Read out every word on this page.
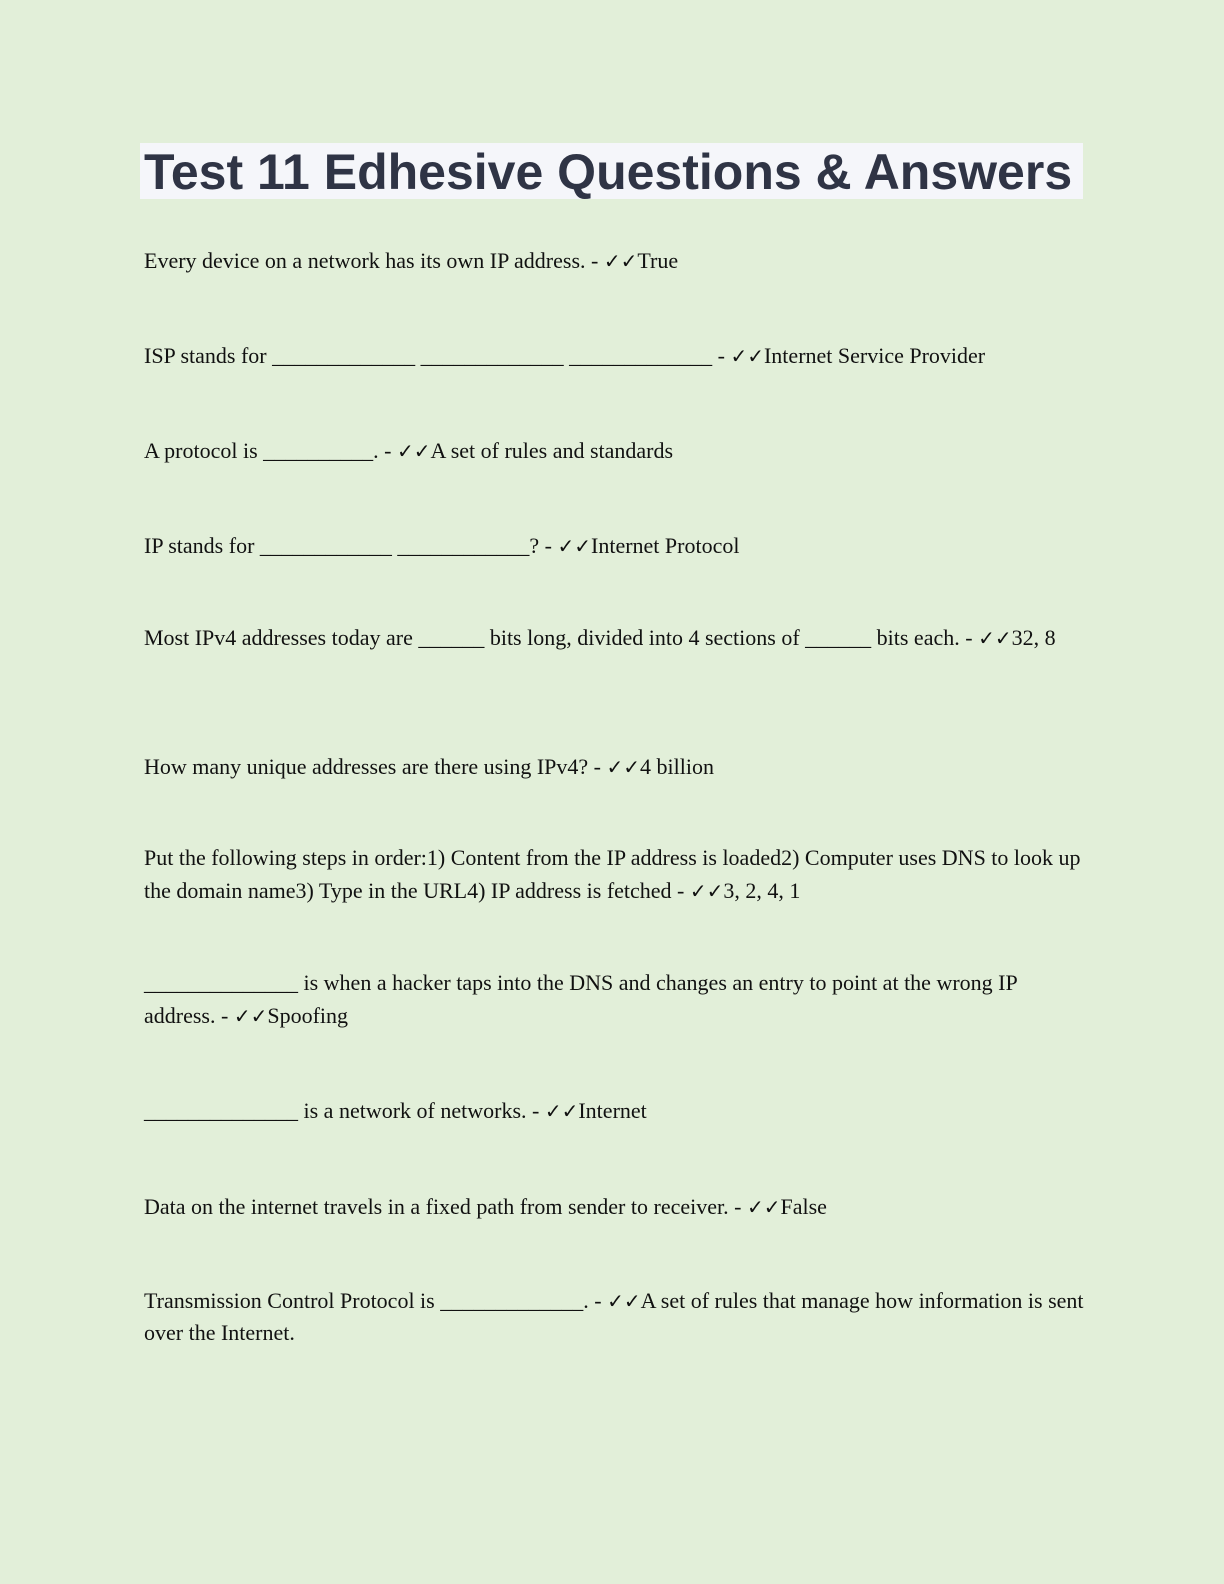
Test 11 Edhesive Questions & Answers

Every device on a network has its own IP address. - ✓✓True

ISP stands for _____________ _____________ _____________ - ✓✓Internet Service Provider

A protocol is __________. - ✓✓A set of rules and standards

IP stands for ____________ ____________? - ✓✓Internet Protocol

Most IPv4 addresses today are ______ bits long, divided into 4 sections of ______ bits each. - ✓✓32, 8

How many unique addresses are there using IPv4? - ✓✓4 billion

Put the following steps in order:1) Content from the IP address is loaded2) Computer uses DNS to look up the domain name3) Type in the URL4) IP address is fetched - ✓✓3, 2, 4, 1

______________ is when a hacker taps into the DNS and changes an entry to point at the wrong IP address. - ✓✓Spoofing

______________ is a network of networks. - ✓✓Internet

Data on the internet travels in a fixed path from sender to receiver. - ✓✓False

Transmission Control Protocol is _____________. - ✓✓A set of rules that manage how information is sent over the Internet.
